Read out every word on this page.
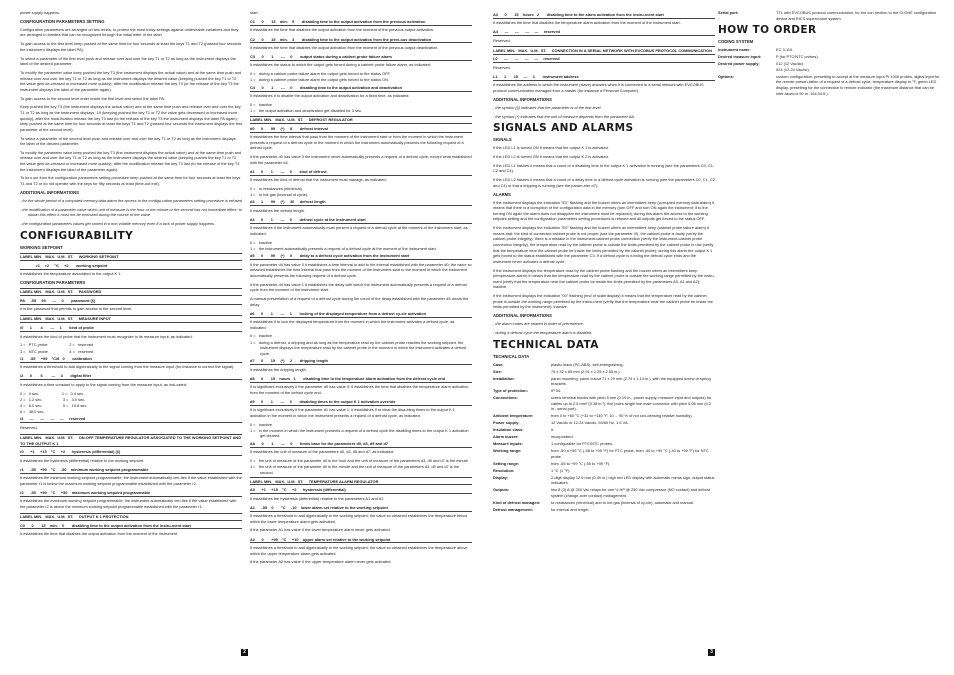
power supply happens.

CONFIGURATION PARAMETERS SETTING

Configuration parameters are arranged on two levels, to protect the most tricky settings against undesirable variations and they are arranged in families that can be recognized through the initial letter of the label.

To gain access to the first level keep pushed at the same time for four seconds at least the keys T1 and T2 (passed four seconds the instrument displays the label PA).

To select a parameter of the first level push and release over and over the key T1 or T2 as long as the instrument displays the label of the desired parameter.

To modify the parameter value keep pushed the key T3 (the instrument displays the actual value) and at the same time push and release over and over the key T1 or T2 as long as the instrument displays the desired value (keeping pushed the key T1 or T2 the value gets de-creased or increased more quickly); after the modification release the key T3 (or the release of the key T3 the instrument displays the label of the parameter again).

To gain access to the second level enter inside the first level and select the label PA.

Keep pushed the key T3 (the instrument displays the actual value) and at the same time push and release over and over the key T1 or T2 as long as the instrument displays -19 (keeping pushed the key T1 or T2 the value gets decreased or increased more quickly); after the modi-fication release the key T3 last (to the release of the key T3 the instrument displays the label PA again); keep pushed at the same time for four seconds at least the keys T1 and T2 (passed four seconds the instrument displays the first parameter of the second level).

To select a parameter of the second level push and release over and over the key T1 or T2 as long as the instrument displays the label of the desired parameter.

To modify the parameter value keep pushed the key T3 (the instrument displays the actual value) and at the same time push and release over and over the key T1 or T2 as long as the instrument displays the desired value (keeping pushed the key T1 or T2 the value gets de-creased or increased more quickly); after the modification release the key T3 last (to the release of the key T3 the instrument displays the label of the parameter again).

To turn out from the configuration parameters setting procedure keep pushed at the same time for four seconds at least the keys T1 and T2 or do not operate with the keys for fifty seconds at least (time-out exit).

ADDITIONAL INFORMATIONS

- for the whole period of a computed memory data alarm the access to the configu-ration parameters setting procedure is refused

- the modification of a parameter value which unit of measure is the hour or the minute or the second has not immediate effect: to obtain this effect it must not be executed during the course of the value

- the configuration parameters values get stored in a non volatile memory even if a lack of power supply happens.

CONFIGURABILITY
WORKING SETPOINT
LABEL MIN.   MAX.  U.M.  ST.     WORKING SETPOINT
r1     r2     °C     +2       working setpoint

it establishes the temperature associated to the output K 1.

CONFIGURATION PARAMETERS
LABEL MIN.   MAX.  U.M.  ST.     PASSWORD
PA     -55     99      ---     0       password (§)

It is the password that permits to gain access to the second level.

LABEL MIN.   MAX.  U.M.  ST.     MEASURE INPUT
/0      1        4       ---     1       kind of probe

It establishes the kind of probe that the instrument must recognize to its measure input, as indicated:

1 =   PTC probe                    2 =   reserved

3 =   NTC probe                    4 =   reserved

/1      -55     +99    °C/8   0       calibration

It establishes a threshold to add algebraically to the signal coming from the measure input (for instance to correct the signal).

/2      0        6        ---     3       digital filter

It establishes a time constant to apply to the signal coming from the measure input, as indi-cated:

0 =   0 sec.                     1 =   0.4 sec.

2 =   1.2 sec.                   3 =   3.0 sec.

4 =   8.0 sec.                   5 =   19.8 sec.

6 =   48.0 sec.

/3      ---      ---      ---     ---     reserved

Reserved.

LABEL MIN.   MAX.  U.M.  ST.     ON-OFF TEMPERATURE REGULATOR ASSOCIATED TO THE WORKING SETPOINT AND TO THE OUTPUT K 1
r0      +1     +15    °C     +2      hysteresis (differential) (§)

It establishes the hysteresis (differential) relative to the working setpoint.

r1      -55    +99    °C     -50    minimum working setpoint programmable

It establishes the minimum working setpoint programmable; the instrument automatically veri-fies if the value established with the parameter r1 is below the maximum working setpoint programmable established with the parameter r2.

r2      -55    +99    °C     +50    maximum working setpoint programmable

It establishes the maximum working setpoint programmable; the instrument automatically veri-fies if the value established with the parameter r2 is above the minimum working setpoint programmable established with the parameter r1.

LABEL MIN.   MAX.  U.M.  ST.     OUTPUT K 1 PROTECTION
C0      0       15    min.    0       disabling time to the output activation from the instru-ment start

It establishes the time that disables the output activation from the moment of the instrument

start.

C1      0       15    min.    5       disabling time to the output activation from the previous activation

It establishes the time that disables the output activation from the moment of the previous output activation.

C2      0       15    min.    3       disabling time to the output activation from the previ-ous deactivation

It establishes the time that disables the output activation from the moment of the previous output deactivation.

C3      0       1       ---     0       output status during a cabinet probe failure alarm

It establishes the status to which the output gets forced during a cabinet probe failure alarm, as indicated:

0 =   during a cabinet probe failure alarm the output gets forced to the status OFF

1 =   during a cabinet probe failure alarm the output gets forced to the status ON.

C4      0       1       ---     0       disabling time to the output activation and deactivation

It establishes if to disable the output activation and deactivation for a fixed time, as indicated:

0 =   inactive

1 =   the output activation and deactivation get disabled for 3 sec.

LABEL MIN.   MAX.  U.M.  ST.     DEFROST REGULATOR
d0      0       99     (*)     8       defrost interval

It establishes the time interval that pass from the moment of the instrument start or from the moment in which the instrument presents a request of a defrost cycle to the moment in which the instrument automatically presents the following request of a defrost cycle.

If the parameter d0 has value 0 the instrument never automatically presents a request of a defrost cycle, except what established with the parameter d4.

d1      0       1       ---     0       kind of defrost

It establishes the kind of defrost that the instrument must manage, as indicated:

0 =   to resistances (electrical)

1 =   to hot gas (inversal of cycle).

d3      1       99     (*)     30     defrost length

It establishes the defrost length.

d4      0       1       ---     0       defrost cycle at the instrument start

It establishes if the instrument automatically must present a request of a defrost cycle at the moment of the instrument start, as indicated:

0 =   inactive

1 =   the instrument automatically presents a request of a defrost cycle at the moment of the instrument start.

d5      0       99     (*)     0       delay to a defrost cycle activation from the instrument start

If the parameter d4 has value 0 it establishes a time interval to add to the interval established with the parameter d0; the value so obtained establishes the time interval that pass from the moment of the instrument start to the moment in which the instrument automatically presents the following request of a defrost cycle.

If the parameter d4 has value 1 it establishes the delay with which the instrument automatically presents a request of a defrost cycle from the moment of the instrument start.

A manual presentation of a request of a defrost cycle during the count of the delay established with the parameter d5 clears the delay.

d6      0       1       ---     1       locking of the displayed temperature from a defrost cy-cle activation

It establishes if to lock the displayed temperature from the moment in which the instrument activates a defrost cycle, as indicated:

0 =   inactive

1 =   during a defrost, a dripping and as long as the temperature read by the cabinet probe reaches the working setpoint, the instrument displays the temperature read by the cabinet probe in the moment in which the instrument activates a defrost cycle.

d7      0       15     (*)     2       dripping length

It establishes the dripping length.

d8      0       15    hours   1       disabling time to the temperature alarm activation from the defrost cycle end

It is significant exclusively if the parameter d9 has value 0; it establishes the time that disables the temperature alarm activation from the moment of the defrost cycle end.

d9      0       1       ---     0       disabling times to the output K 1 activation override

It is significant exclusively if the parameter d1 has value 1; it establishes if to clear the disa-bling times to the output K 1 activation in the moment in which the instrument presents a request of a defrost cycle, as indicated:

0 =   inactive

1 =   in the moment in which the instrument presents a request of a defrost cycle the disabling times to the output K 1 activation get cleared.

dA      0       1       ---     0       times base for the parameters d0, d3, d5 and d7

It establishes the unit of measure of the parameters d0, d3, d5 and d7, as indicated:

0 =   the unit of measure of the parameter d0 is the hour and the unit of measure of the parameters d3, d5 and d7 is the minute

1 =   the unit of measure of the parameter d0 is the minute and the unit of measure of the parameters d3, d5 and d7 is the second.

LABEL MIN.   MAX.  U.M.  ST.     TEMPERATURE ALARM REGULATOR
A0      +1     +15    °C     +2      hysteresis (differential)

It establishes the hysteresis (differential) relative to the parameters A1 and A2.

A1      -55    0       °C     -10    lower alarm set relative to the working setpoint

It establishes a threshold to add algebraically to the working setpoint; the value so obtained establishes the temperature below which the lower temperature alarm gets activated.

If the parameter A1 has value 0 the lower temperature alarm never gets activated.

A2      0       +99    °C     +10    upper alarm set relative to the working setpoint

It establishes a threshold to add algebraically to the working setpoint; the value so obtained establishes the temperature above which the upper temperature alarm gets activated.

If the parameter A2 has value 0 the upper temperature alarm never gets activated.

A3      0       15    hours   2       disabling time to the alarm activation from the instru-ment start

It establishes the time that disables the temperature alarm activation from the moment of the instrument start.

A4      ---      ---      ---     ---     reserved

Reserved.

LABEL MIN.   MAX.  U.M.  ST.     CONNECTION IN A SERIAL NETWORK WITH EVCOBUS PROTOCOL COMMUNICATION
L0      ---      ---      ---     ---     reserved

Reserved.

L1      1       15     ---     1       instrument address

It establishes the address to which the instrument (slave) answers when it is connected to a serial network with EVCOBUS protocol communication managed from a master (for instance a Personal Computer).

ADDITIONAL INFORMATIONS

- the symbol (§) indicates that the parameter is of the first level

- the symbol (*) indicates that the unit of measure depends from the parameter dA.

SIGNALS AND ALARMS
SIGNALS

If the LED L1 is turned ON it means that the output K 1 is activated.

If the LED L2 is turned ON it means that the output K 2 is activated.

If the LED L1 flashes it means that a count of a disabling time to the output K 1 activation is running (see the parameters C0, C1, C2 and C4).

If the LED L2 flashes it means that a count of a delay time to a defrost cycle activation is running (see the parameters C0, C1, C2 and C4) or that a dripping is running (see the param-eter d7).

ALARMS

If the instrument displays the indication "E2" flashing and the buzzer utters an intermittent beep (corrupted memory data alarm) it means that there is a corruption of the configuration data in the memory (turn OFF and turn ON again the instrument: if to the turning ON again the alarm does not disappear the instrument must be replaced); during this alarm the access to the working setpoint setting and the configuration parameters setting procedures is refused and all outputs get forced to the status OFF.

If the instrument displays the indication "E0" flashing and the buzzer utters an intermittent beep (cabinet probe failure alarm) it means that: the kind of connected cabinet probe is not proper (see the parameter /0), the cabinet probe is faulty (verify the cabinet probe integrity); there is a mistake in the instrument-cabinet probe connection (verify the instrument-cabinet probe connection integrity), the temperature read by the cabinet probe is outside the limits permitted by the cabinet probe in use (verify that the temperature near the cabinet probe be inside the limits permitted by the cabinet probe); during this alarm the output K 1 gets forced to the status established with the parameter C3. If a defrost cycle is running the defrost cycle ends and the instrument never activates a defrost cycle.

If the instrument displays the temperature read by the cabinet probe flashing and the buzzer utters an intermittent beep (temperature alarm) it means that the temperature read by the cabinet probe is outside the working range permitted by the instru-ment (verify that the temperature near the cabinet probe be inside the limits permitted by the parameters A0, A1 and A2); inactive.

If the instrument displays the indication "00" flashing (end of scale display) it means that the temperature read by the cabinet probe is outside the working range permitted by the instru-ment (verify that the temperature near the cabinet probe be inside the limits permitted by the instrument); inactive.

ADDITIONAL INFORMATIONS

- the alarm codes are related in order of precedence

- during a defrost cycle the temperature alarm is disabled.

TECHNICAL DATA
TECHNICAL DATA
Case:	plastic black (PC-ABS), self-extinguishing.
Size:	74 x 32 x 65 mm (2.91 x 1.25 x 2.55 in.).
Installation:	panel mounting, panel cutout 71 x 29 mm (2.79 x 1.14 in.), with the equipped screw or spring brackets.
Type of protection:	IP 54.
Connections:	screw terminal blocks with pitch 5 mm (0.19 in., power supply, measure input and outputs) for cables up to 2.5 mm² (0.38 in.²), five poles single line male connector with pitch 5.08 mm (0.2 in., serial port).
Ambient temperature:	from 0 to +60 °C (+32 to +140 °F, 10 ... 90 % of not con-densing relative humidity).
Power supply:	12 Vac/dc or 12-24 Vac/dc, 50/60 Hz, 1.5 VA.
Insulation class:	II.
Alarm buzzer:	incorporated.
Measure inputs:	1 configurable for PTC/NTC probes.
Working range:	from -50 a +99 °C (-58 to +99 °F) for PTC probe, from -40 to +99 °C (-40 to +99 °F) for NTC probe.
Setting range:	from -55 to +99 °C (-55 to +99 °F).
Resolution:	1 °C (1 °F).
Display:	2-digit display 12.5 mm (0.49 in.) high red LED display with automatic minus sign, output status indicators.
Outputs:	two 8 (3) A @ 250 Vac relays for one ½ HP @ 250 Vac compressor (NO contact) and defrost system (change-over contact) management.
Kind of defrost managed:	to resistances (electrical) and to hot gas (inversal of cy-cle), automatic and manual.
Defrost management:	for interval and length.
Serial port:	TTL with EVCOBUS protocol communication, for the con-nection to the CLONE configuration device and RICS supervi-sion system.
HOW TO ORDER
CODING SYSTEM
Instrument name:	EC 3-110.
Desired measure input:	P (for PTC/NTC probes).
Desired power supply:	012 (12 Vac/dc)
024 (12-24 Vac/dc).
Options:	custom configuration, presetting to accept at the measure input Pt 1000 probes, digital input for the remote presen-tation of a request of a defrost cycle, temperature display in °F, green LED display, presetting for the connection to remote indicator (the maximum distance that can be inter-faced is 50 m. 164.04 ft.).
2	3
